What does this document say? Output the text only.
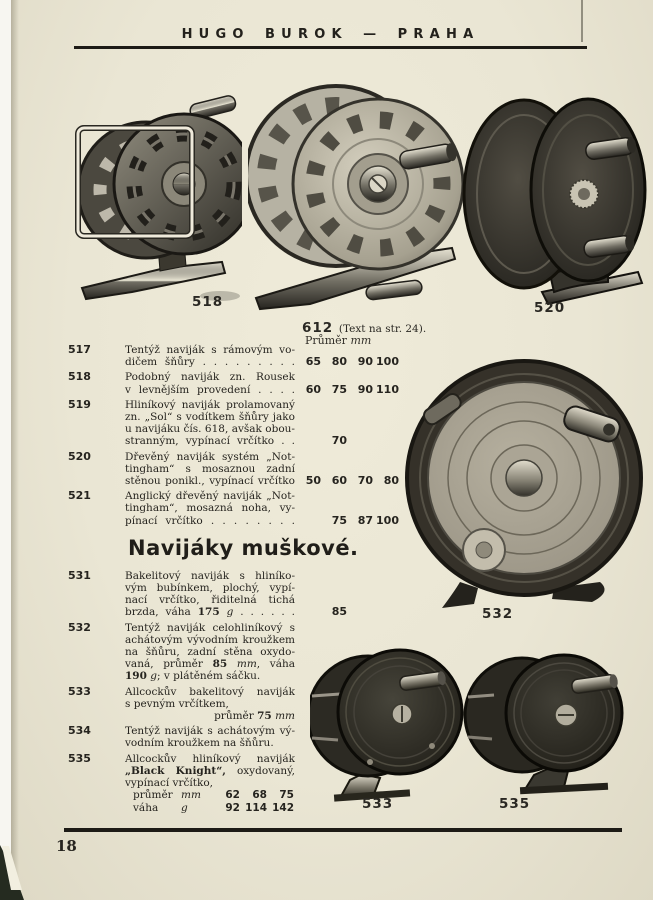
HUGO BUROK — PRAHA
518
612 (Text na str. 24).
Průměr mm
520
532
533	535
517	Tentýž naviják s rámovým vo-
dičem šňůry . . . . . . . . . 65 80 90 100
518	Podobný naviják zn. Rousek
v levnějším provedení . . . . 60 75 90 110
519	Hliníkový naviják prolamovaný
zn. „Sol“ s vodítkem šňůry jako
u navijáku čís. 618, avšak obou-
stranným, vypínací vrčítko . .	70
520	Dřevěný naviják systém „Not-
tingham“ s mosaznou zadní
stěnou ponikl., vypínací vrčítko 50 60 70 80
521	Anglický dřevěný naviják „Not-
tingham“, mosazná noha, vy-
pínací vrčítko . . . . . . . .	75 87 100
Navijáky muškové.
531	Bakelitový naviják s hliníko-
vým bubínkem, plochý, vypí-
nací vrčítko, řiditelná tichá
brzda, váha 175 g . . . . . .	85
532	Tentýž naviják celohliníkový s
achátovým vývodním kroužkem
na šňůru, zadní stěna oxydo-
vaná, průměr 85 mm, váha
190 g; v plátěném sáčku.
533	Allcockův bakelitový naviják
s pevným vrčítkem,
průměr 75 mm
534	Tentýž naviják s achátovým vý-
vodním kroužkem na šňůru.
535	Allcockův hliníkový naviják
„Black Knight“, oxydovaný,
vypínací vrčítko,
průměr mm	62	68	75
váha	g	92 114 142
18
